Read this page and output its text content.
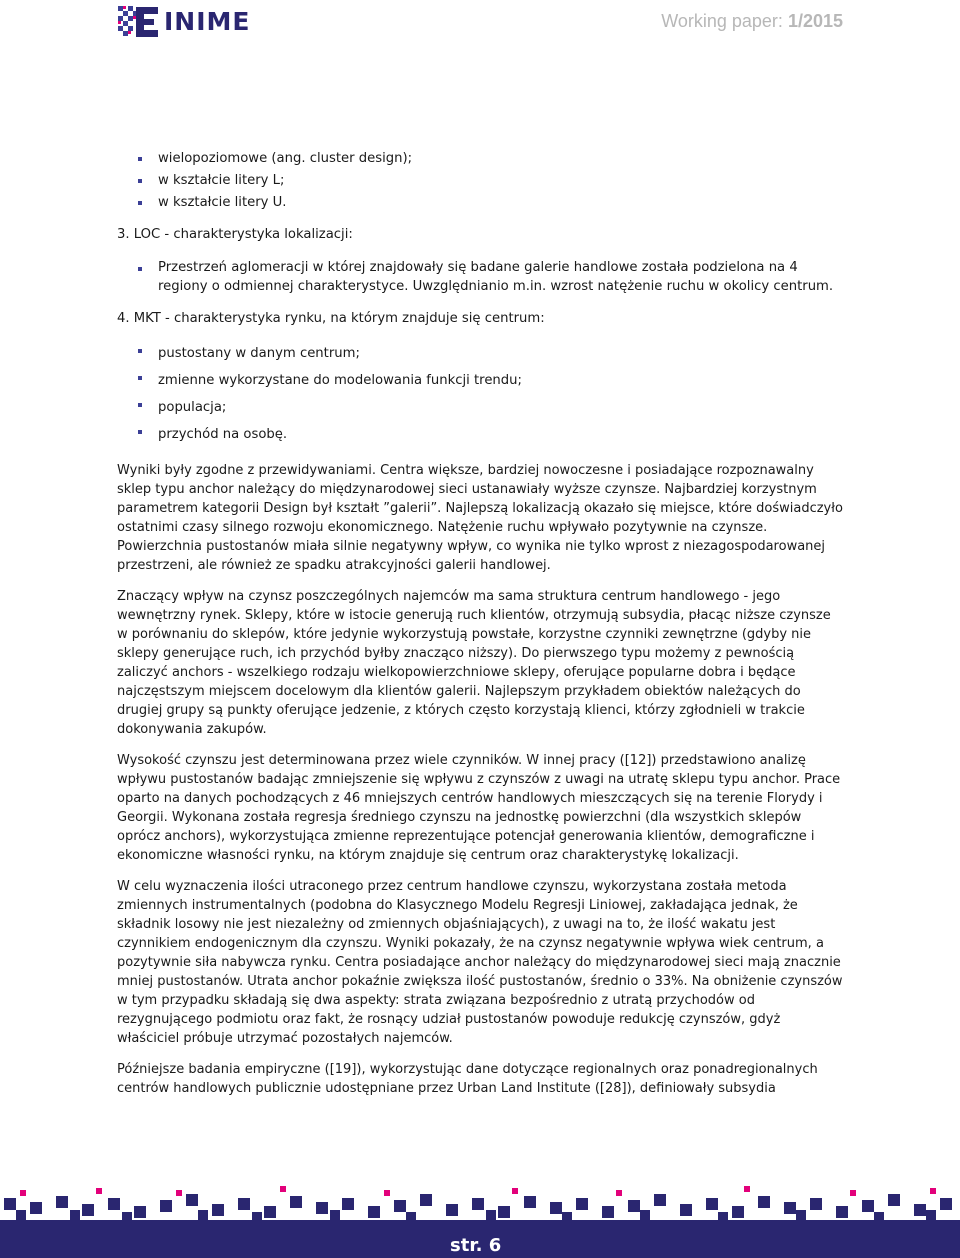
INIME	Working paper: 1/2015
wielopoziomowe (ang. cluster design);
w kształcie litery L;
w kształcie litery U.

3. LOC - charakterystyka lokalizacji:

Przestrzeń aglomeracji w której znajdowały się badane galerie handlowe została podzielona na 4 regiony o odmiennej charakterystyce. Uwzględnianio m.in. wzrost natężenie ruchu w okolicy centrum.

4. MKT - charakterystyka rynku, na którym znajduje się centrum:

pustostany w danym centrum;
zmienne wykorzystane do modelowania funkcji trendu;
populacja;
przychód na osobę.

Wyniki były zgodne z przewidywaniami. Centra większe, bardziej nowoczesne i posiadające rozpoznawalny sklep typu anchor należący do międzynarodowej sieci ustanawiały wyższe czynsze. Najbardziej korzystnym parametrem kategorii Design był kształt ”galerii”. Najlepszą lokalizacją okazało się miejsce, które doświadczyło ostatnimi czasy silnego rozwoju ekonomicznego. Natężenie ruchu wpływało pozytywnie na czynsze. Powierzchnia pustostanów miała silnie negatywny wpływ, co wynika nie tylko wprost z niezagospodarowanej przestrzeni, ale również ze spadku atrakcyjności galerii handlowej.

Znaczący wpływ na czynsz poszczególnych najemców ma sama struktura centrum handlowego - jego wewnętrzny rynek. Sklepy, które w istocie generują ruch klientów, otrzymują subsydia, płacąc niższe czynsze w porównaniu do sklepów, które jedynie wykorzystują powstałe, korzystne czynniki zewnętrzne (gdyby nie sklepy generujące ruch, ich przychód byłby znacząco niższy). Do pierwszego typu możemy z pewnością zaliczyć anchors - wszelkiego rodzaju wielkopowierzchniowe sklepy, oferujące popularne dobra i będące najczęstszym miejscem docelowym dla klientów galerii. Najlepszym przykładem obiektów należących do drugiej grupy są punkty oferujące jedzenie, z których często korzystają klienci, którzy zgłodnieli w trakcie dokonywania zakupów.

Wysokość czynszu jest determinowana przez wiele czynników. W innej pracy ([12]) przedstawiono analizę wpływu pustostanów badając zmniejszenie się wpływu z czynszów z uwagi na utratę sklepu typu anchor. Prace oparto na danych pochodzących z 46 mniejszych centrów handlowych mieszczących się na terenie Florydy i Georgii. Wykonana została regresja średniego czynszu na jednostkę powierzchni (dla wszystkich sklepów oprócz anchors), wykorzystująca zmienne reprezentujące potencjał generowania klientów, demograficzne i ekonomiczne własności rynku, na którym znajduje się centrum oraz charakterystykę lokalizacji.

W celu wyznaczenia ilości utraconego przez centrum handlowe czynszu, wykorzystana została metoda zmiennych instrumentalnych (podobna do Klasycznego Modelu Regresji Liniowej, zakładająca jednak, że składnik losowy nie jest niezależny od zmiennych objaśniających), z uwagi na to, że ilość wakatu jest czynnikiem endogenicznym dla czynszu. Wyniki pokazały, że na czynsz negatywnie wpływa wiek centrum, a pozytywnie siła nabywcza rynku. Centra posiadające anchor należący do międzynarodowej sieci mają znacznie mniej pustostanów. Utrata anchor pokaźnie zwiększa ilość pustostanów, średnio o 33%. Na obniżenie czynszów w tym przypadku składają się dwa aspekty: strata związana bezpośrednio z utratą przychodów od rezygnującego podmiotu oraz fakt, że rosnący udział pustostanów powoduje redukcję czynszów, gdyż właściciel próbuje utrzymać pozostałych najemców.

Późniejsze badania empiryczne ([19]), wykorzystując dane dotyczące regionalnych oraz ponadregionalnych centrów handlowych publicznie udostępniane przez Urban Land Institute ([28]), definiowały subsydia

str. 6
